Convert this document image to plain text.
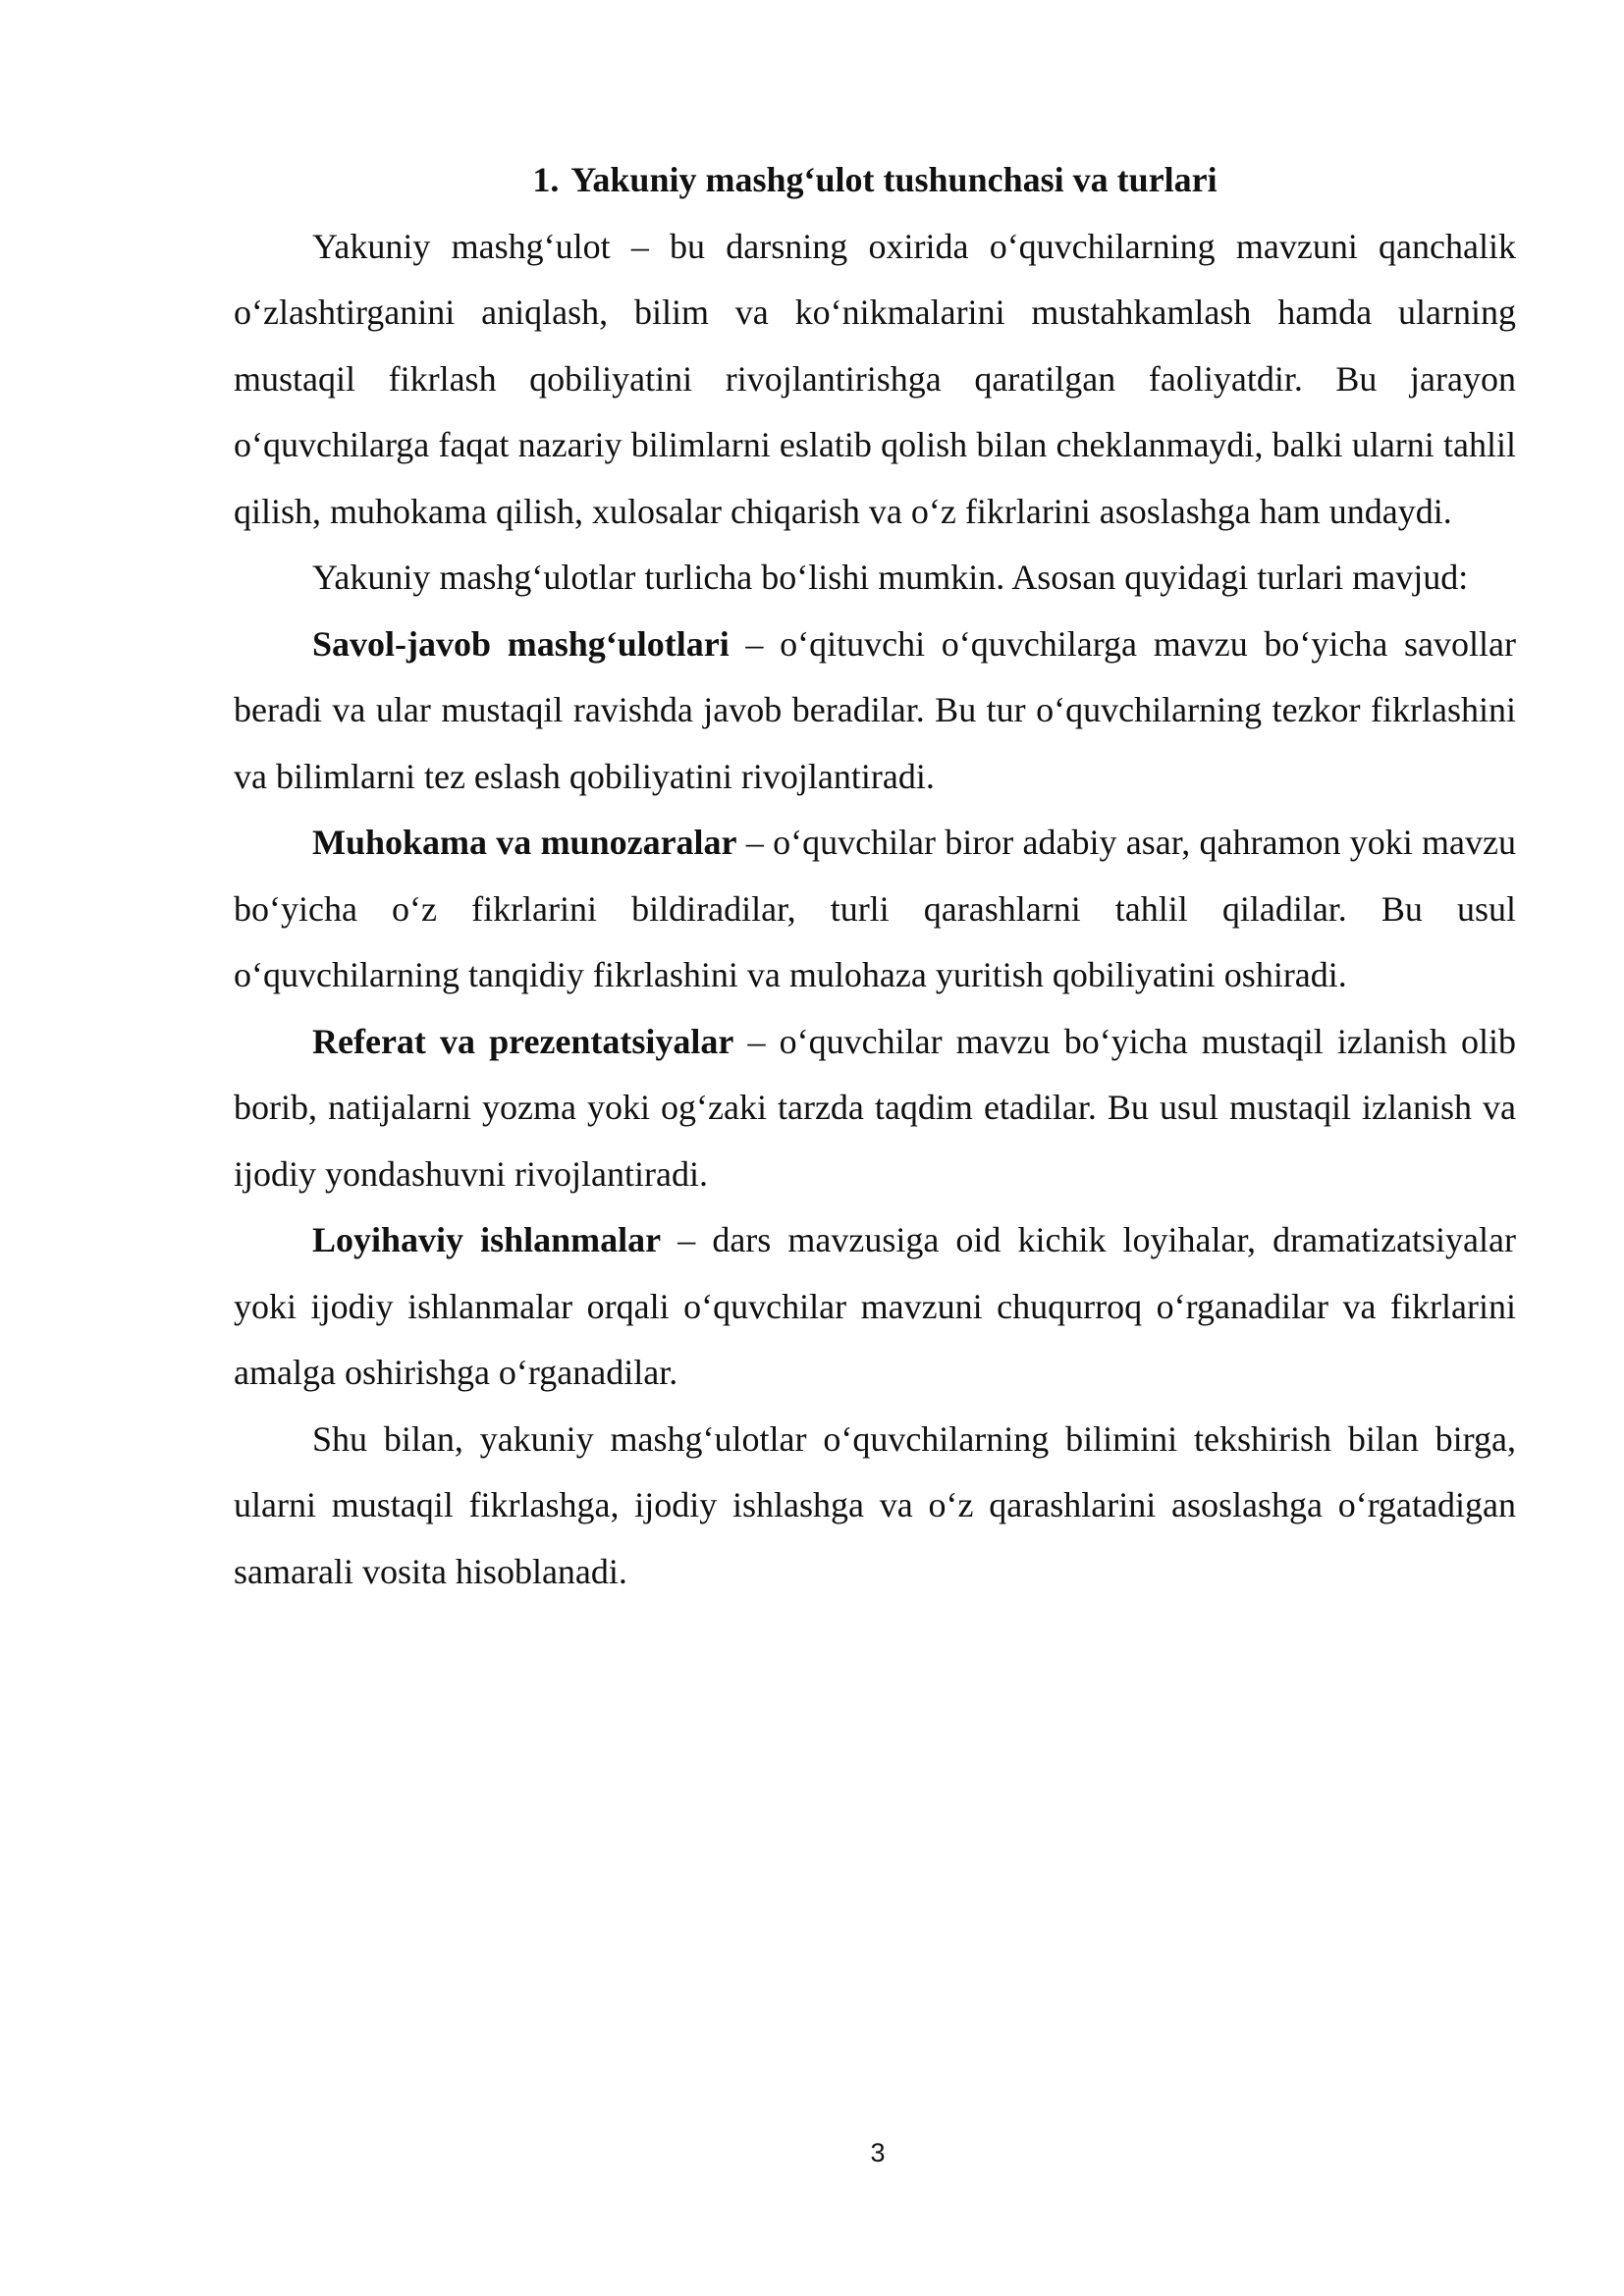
1. Yakuniy mashg‘ulot tushunchasi va turlari

Yakuniy mashg‘ulot – bu darsning oxirida o‘quvchilarning mavzuni qanchalik o‘zlashtirganini aniqlash, bilim va ko‘nikmalarini mustahkamlash hamda ularning mustaqil fikrlash qobiliyatini rivojlantirishga qaratilgan faoliyatdir. Bu jarayon o‘quvchilarga faqat nazariy bilimlarni eslatib qolish bilan cheklanmaydi, balki ularni tahlil qilish, muhokama qilish, xulosalar chiqarish va o‘z fikrlarini asoslashga ham undaydi.

Yakuniy mashg‘ulotlar turlicha bo‘lishi mumkin. Asosan quyidagi turlari mavjud:

Savol-javob mashg‘ulotlari – o‘qituvchi o‘quvchilarga mavzu bo‘yicha savollar beradi va ular mustaqil ravishda javob beradilar. Bu tur o‘quvchilarning tezkor fikrlashini va bilimlarni tez eslash qobiliyatini rivojlantiradi.

Muhokama va munozaralar – o‘quvchilar biror adabiy asar, qahramon yoki mavzu bo‘yicha o‘z fikrlarini bildiradilar, turli qarashlarni tahlil qiladilar. Bu usul o‘quvchilarning tanqidiy fikrlashini va mulohaza yuritish qobiliyatini oshiradi.

Referat va prezentatsiyalar – o‘quvchilar mavzu bo‘yicha mustaqil izlanish olib borib, natijalarni yozma yoki og‘zaki tarzda taqdim etadilar. Bu usul mustaqil izlanish va ijodiy yondashuvni rivojlantiradi.

Loyihaviy ishlanmalar – dars mavzusiga oid kichik loyihalar, dramatizatsiyalar yoki ijodiy ishlanmalar orqali o‘quvchilar mavzuni chuqurroq o‘rganadilar va fikrlarini amalga oshirishga o‘rganadilar.

Shu bilan, yakuniy mashg‘ulotlar o‘quvchilarning bilimini tekshirish bilan birga, ularni mustaqil fikrlashga, ijodiy ishlashga va o‘z qarashlarini asoslashga o‘rgatadigan samarali vosita hisoblanadi.

3
